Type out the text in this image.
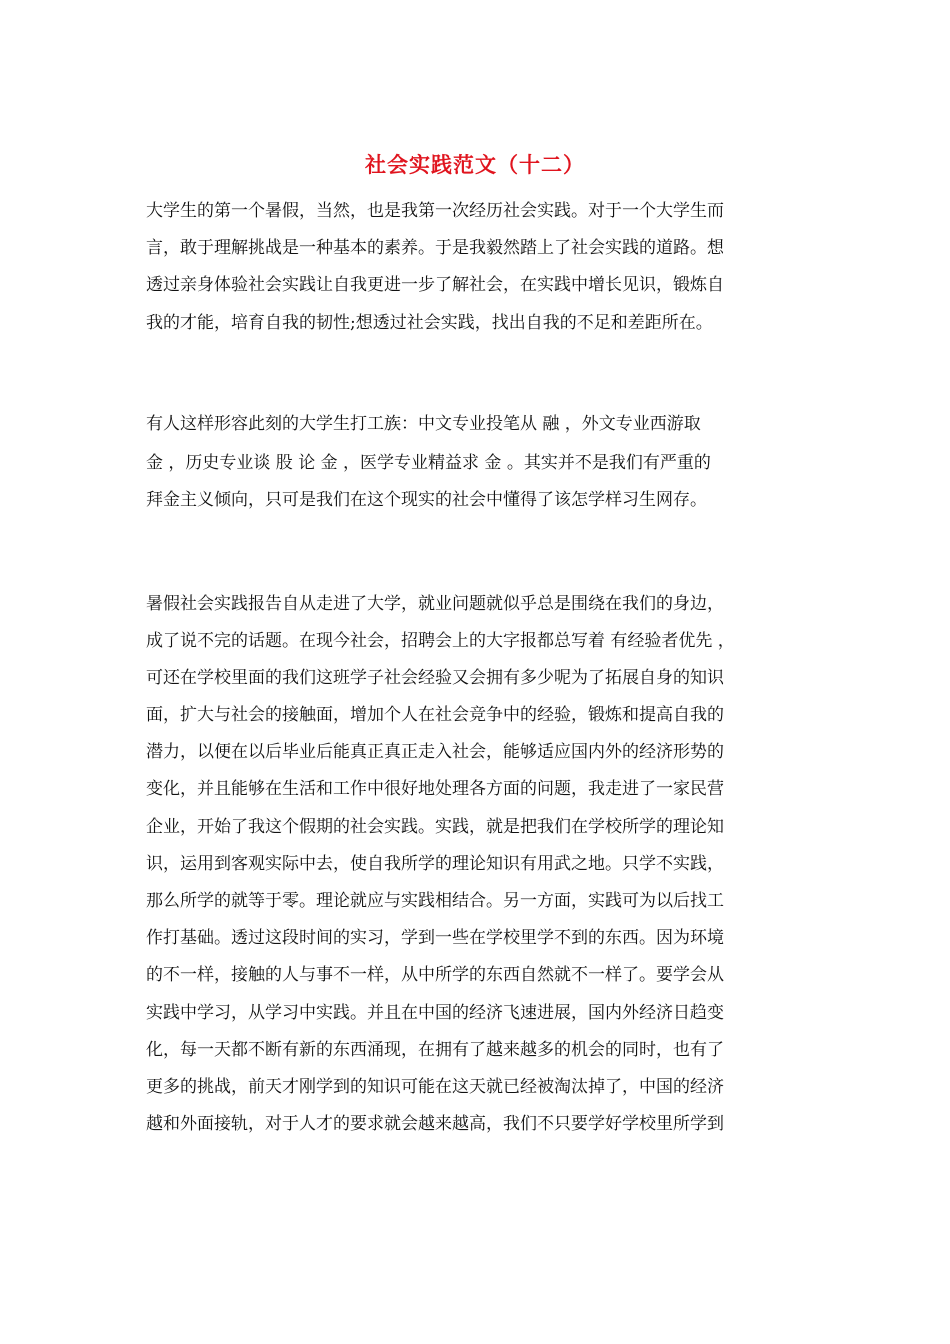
社会实践范文（十二）
大学生的第一个暑假，当然，也是我第一次经历社会实践。对于一个大学生而
言，敢于理解挑战是一种基本的素养。于是我毅然踏上了社会实践的道路。想
透过亲身体验社会实践让自我更进一步了解社会，在实践中增长见识，锻炼自
我的才能，培育自我的韧性;想透过社会实践，找出自我的不足和差距所在。
有人这样形容此刻的大学生打工族：中文专业投笔从 融 ，外文专业西游取
金 ，历史专业谈 股 论 金 ，医学专业精益求 金 。其实并不是我们有严重的
拜金主义倾向，只可是我们在这个现实的社会中懂得了该怎学样习生网存。
暑假社会实践报告自从走进了大学，就业问题就似乎总是围绕在我们的身边，
成了说不完的话题。在现今社会，招聘会上的大字报都总写着 有经验者优先 ，
可还在学校里面的我们这班学子社会经验又会拥有多少呢为了拓展自身的知识
面，扩大与社会的接触面，增加个人在社会竞争中的经验，锻炼和提高自我的
潜力，以便在以后毕业后能真正真正走入社会，能够适应国内外的经济形势的
变化，并且能够在生活和工作中很好地处理各方面的问题，我走进了一家民营
企业，开始了我这个假期的社会实践。实践，就是把我们在学校所学的理论知
识，运用到客观实际中去，使自我所学的理论知识有用武之地。只学不实践，
那么所学的就等于零。理论就应与实践相结合。另一方面，实践可为以后找工
作打基础。透过这段时间的实习，学到一些在学校里学不到的东西。因为环境
的不一样，接触的人与事不一样，从中所学的东西自然就不一样了。要学会从
实践中学习，从学习中实践。并且在中国的经济飞速进展，国内外经济日趋变
化，每一天都不断有新的东西涌现，在拥有了越来越多的机会的同时，也有了
更多的挑战，前天才刚学到的知识可能在这天就已经被淘汰掉了，中国的经济
越和外面接轨，对于人才的要求就会越来越高，我们不只要学好学校里所学到
